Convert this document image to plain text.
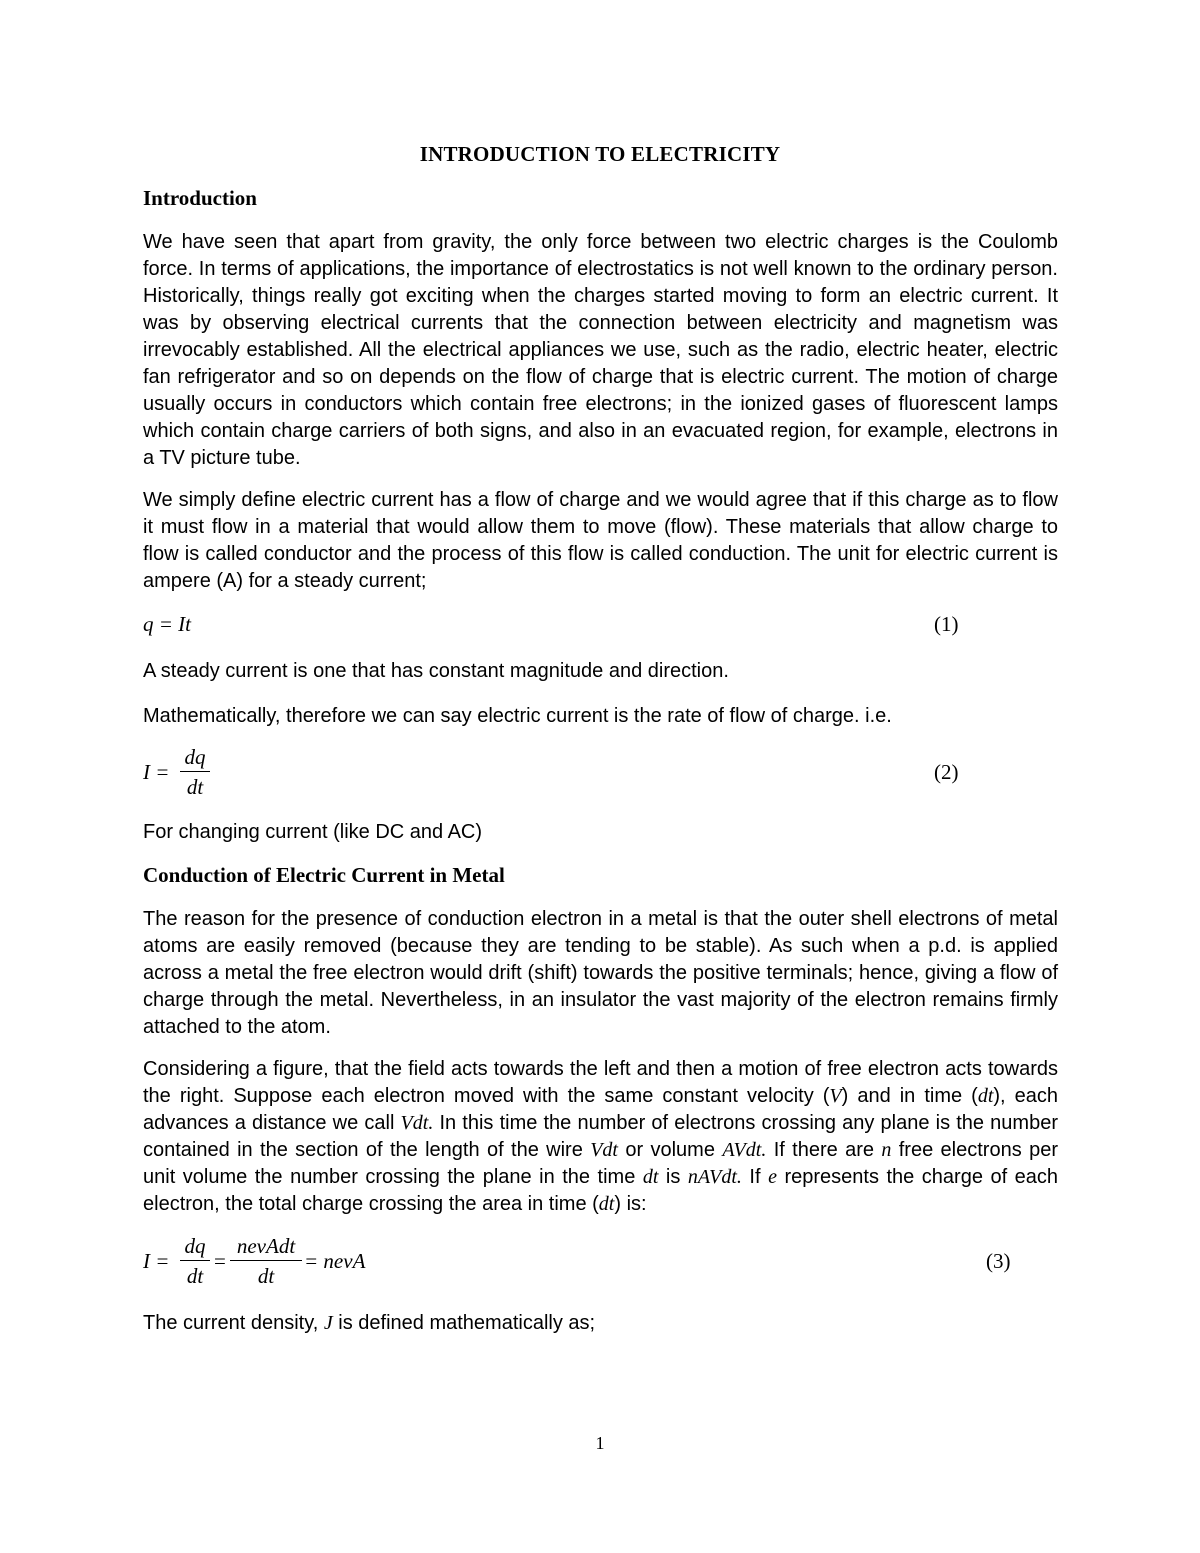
INTRODUCTION TO ELECTRICITY
Introduction
We have seen that apart from gravity, the only force between two electric charges is the Coulomb force. In terms of applications, the importance of electrostatics is not well known to the ordinary person. Historically, things really got exciting when the charges started moving to form an electric current. It was by observing electrical currents that the connection between electricity and magnetism was irrevocably established. All the electrical appliances we use, such as the radio, electric heater, electric fan refrigerator and so on depends on the flow of charge that is electric current. The motion of charge usually occurs in conductors which contain free electrons; in the ionized gases of fluorescent lamps which contain charge carriers of both signs, and also in an evacuated region, for example, electrons in a TV picture tube.
We simply define electric current has a flow of charge and we would agree that if this charge as to flow it must flow in a material that would allow them to move (flow). These materials that allow charge to flow is called conductor and the process of this flow is called conduction. The unit for electric current is ampere (A) for a steady current;
q = It	(1)
A steady current is one that has constant magnitude and direction.
Mathematically, therefore we can say electric current is the rate of flow of charge. i.e.
I =
dq
dt
(2)
For changing current (like DC and AC)
Conduction of Electric Current in Metal
The reason for the presence of conduction electron in a metal is that the outer shell electrons of metal atoms are easily removed (because they are tending to be stable). As such when a p.d. is applied across a metal the free electron would drift (shift) towards the positive terminals; hence, giving a flow of charge through the metal. Nevertheless, in an insulator the vast majority of the electron remains firmly attached to the atom.
Considering a figure, that the field acts towards the left and then a motion of free electron acts towards the right. Suppose each electron moved with the same constant velocity (V) and in time (dt), each advances a distance we call Vdt. In this time the number of electrons crossing any plane is the number contained in the section of the length of the wire Vdt or volume AVdt. If there are n free electrons per unit volume the number crossing the plane in the time dt is nAVdt. If e represents the charge of each electron, the total charge crossing the area in time (dt) is:
I =
dq
dt
=
nevAdt
dt
= nevA	(3)
The current density, J is defined mathematically as;
1
